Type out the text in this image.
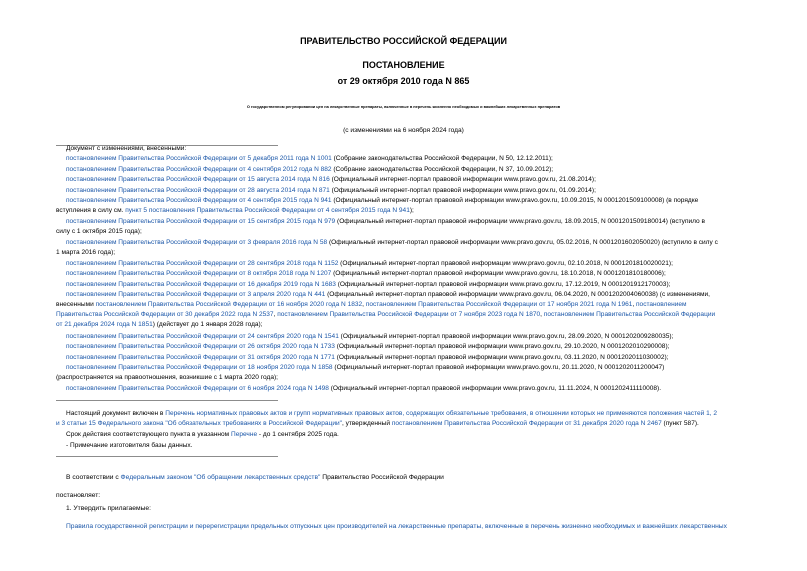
ПРАВИТЕЛЬСТВО РОССИЙСКОЙ ФЕДЕРАЦИИ
ПОСТАНОВЛЕНИЕ
от 29 октября 2010 года N 865
О государственном регулировании цен на лекарственные препараты, включенные в перечень жизненно необходимых и важнейших лекарственных препаратов
(с изменениями на 6 ноября 2024 года)
Документ с изменениями, внесенными:
постановлением Правительства Российской Федерации от 5 декабря 2011 года N 1001 (Собрание законодательства Российской Федерации, N 50, 12.12.2011);
постановлением Правительства Российской Федерации от 4 сентября 2012 года N 882 (Собрание законодательства Российской Федерации, N 37, 10.09.2012);
постановлением Правительства Российской Федерации от 15 августа 2014 года N 816 (Официальный интернет-портал правовой информации www.pravo.gov.ru, 21.08.2014);
постановлением Правительства Российской Федерации от 28 августа 2014 года N 871 (Официальный интернет-портал правовой информации www.pravo.gov.ru, 01.09.2014);
постановлением Правительства Российской Федерации от 4 сентября 2015 года N 941 (Официальный интернет-портал правовой информации www.pravo.gov.ru, 10.09.2015, N 0001201509100008) (в порядке
вступления в силу см. пункт 5 постановления Правительства Российской Федерации от 4 сентября 2015 года N 941);
постановлением Правительства Российской Федерации от 15 сентября 2015 года N 979 (Официальный интернет-портал правовой информации www.pravo.gov.ru, 18.09.2015, N 0001201509180014) (вступило в
силу с 1 октября 2015 года);
постановлением Правительства Российской Федерации от 3 февраля 2016 года N 58 (Официальный интернет-портал правовой информации www.pravo.gov.ru, 05.02.2016, N 0001201602050020) (вступило в силу с
1 марта 2016 года);
постановлением Правительства Российской Федерации от 28 сентября 2018 года N 1152 (Официальный интернет-портал правовой информации www.pravo.gov.ru, 02.10.2018, N 0001201810020021);
постановлением Правительства Российской Федерации от 8 октября 2018 года N 1207 (Официальный интернет-портал правовой информации www.pravo.gov.ru, 18.10.2018, N 0001201810180006);
постановлением Правительства Российской Федерации от 16 декабря 2019 года N 1683 (Официальный интернет-портал правовой информации www.pravo.gov.ru, 17.12.2019, N 0001201912170003);
постановлением Правительства Российской Федерации от 3 апреля 2020 года N 441 (Официальный интернет-портал правовой информации www.pravo.gov.ru, 06.04.2020, N 0001202004060038) (с изменениями,
внесенными постановлением Правительства Российской Федерации от 16 ноября 2020 года N 1832, постановлением Правительства Российской Федерации от 17 ноября 2021 года N 1961, постановлением
Правительства Российской Федерации от 30 декабря 2022 года N 2537, постановлением Правительства Российской Федерации от 7 ноября 2023 года N 1870, постановлением Правительства Российской Федерации
от 21 декабря 2024 года N 1851) (действует до 1 января 2028 года);
постановлением Правительства Российской Федерации от 24 сентября 2020 года N 1541 (Официальный интернет-портал правовой информации www.pravo.gov.ru, 28.09.2020, N 0001202009280035);
постановлением Правительства Российской Федерации от 26 октября 2020 года N 1733 (Официальный интернет-портал правовой информации www.pravo.gov.ru, 29.10.2020, N 0001202010290008);
постановлением Правительства Российской Федерации от 31 октября 2020 года N 1771 (Официальный интернет-портал правовой информации www.pravo.gov.ru, 03.11.2020, N 0001202011030002);
постановлением Правительства Российской Федерации от 18 ноября 2020 года N 1858 (Официальный интернет-портал правовой информации www.pravo.gov.ru, 20.11.2020, N 0001202011200047)
(распространяется на правоотношения, возникшие с 1 марта 2020 года);
постановлением Правительства Российской Федерации от 6 ноября 2024 года N 1498 (Официальный интернет-портал правовой информации www.pravo.gov.ru, 11.11.2024, N 0001202411110008).
Настоящий документ включен в Перечень нормативных правовых актов и групп нормативных правовых актов, содержащих обязательные требования, в отношении которых не применяются положения частей 1, 2
и 3 статьи 15 Федерального закона "Об обязательных требованиях в Российской Федерации", утвержденный постановлением Правительства Российской Федерации от 31 декабря 2020 года N 2467 (пункт 587).
Срок действия соответствующего пункта в указанном Перечне - до 1 сентября 2025 года.
- Примечание изготовителя базы данных.
В соответствии с Федеральным законом "Об обращении лекарственных средств" Правительство Российской Федерации
постановляет:
1. Утвердить прилагаемые:
Правила государственной регистрации и перерегистрации предельных отпускных цен производителей на лекарственные препараты, включенные в перечень жизненно необходимых и важнейших лекарственных
